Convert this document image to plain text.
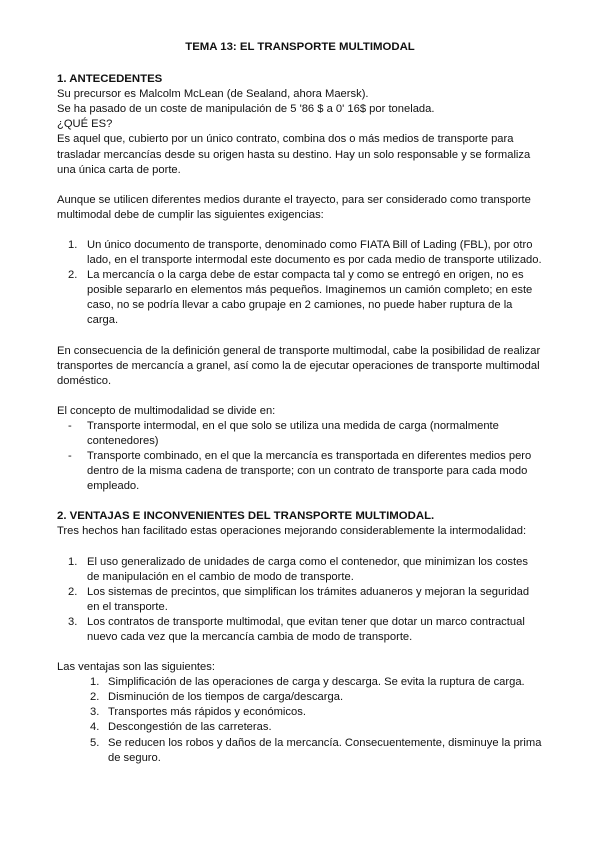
TEMA 13: EL TRANSPORTE MULTIMODAL
1. ANTECEDENTES

Su precursor es Malcolm McLean (de Sealand, ahora Maersk).

Se ha pasado de un coste de manipulación de 5 '86 $ a 0' 16$ por tonelada.

¿QUÉ ES?

Es aquel que, cubierto por un único contrato, combina dos o más medios de transporte para trasladar mercancías desde su origen hasta su destino. Hay un solo responsable y se formaliza una única carta de porte.

Aunque se utilicen diferentes medios durante el trayecto, para ser considerado como transporte multimodal debe de cumplir las siguientes exigencias:

1. Un único documento de transporte, denominado como FIATA Bill of Lading (FBL), por otro lado, en el transporte intermodal este documento es por cada medio de transporte utilizado.
2. La mercancía o la carga debe de estar compacta tal y como se entregó en origen, no es posible separarlo en elementos más pequeños. Imaginemos un camión completo; en este caso, no se podría llevar a cabo grupaje en 2 camiones, no puede haber ruptura de la carga.

En consecuencia de la definición general de transporte multimodal, cabe la posibilidad de realizar transportes de mercancía a granel, así como la de ejecutar operaciones de transporte multimodal doméstico.

El concepto de multimodalidad se divide en:

- Transporte intermodal, en el que solo se utiliza una medida de carga (normalmente contenedores)
- Transporte combinado, en el que la mercancía es transportada en diferentes medios pero dentro de la misma cadena de transporte; con un contrato de transporte para cada modo empleado.
2. VENTAJAS E INCONVENIENTES DEL TRANSPORTE MULTIMODAL.

Tres hechos han facilitado estas operaciones mejorando considerablemente la intermodalidad:

1. El uso generalizado de unidades de carga como el contenedor, que minimizan los costes de manipulación en el cambio de modo de transporte.
2. Los sistemas de precintos, que simplifican los trámites aduaneros y mejoran la seguridad en el transporte.
3. Los contratos de transporte multimodal, que evitan tener que dotar un marco contractual nuevo cada vez que la mercancía cambia de modo de transporte.

Las ventajas son las siguientes:

1. Simplificación de las operaciones de carga y descarga. Se evita la ruptura de carga.
2. Disminución de los tiempos de carga/descarga.
3. Transportes más rápidos y económicos.
4. Descongestión de las carreteras.
5. Se reducen los robos y daños de la mercancía. Consecuentemente, disminuye la prima de seguro.
